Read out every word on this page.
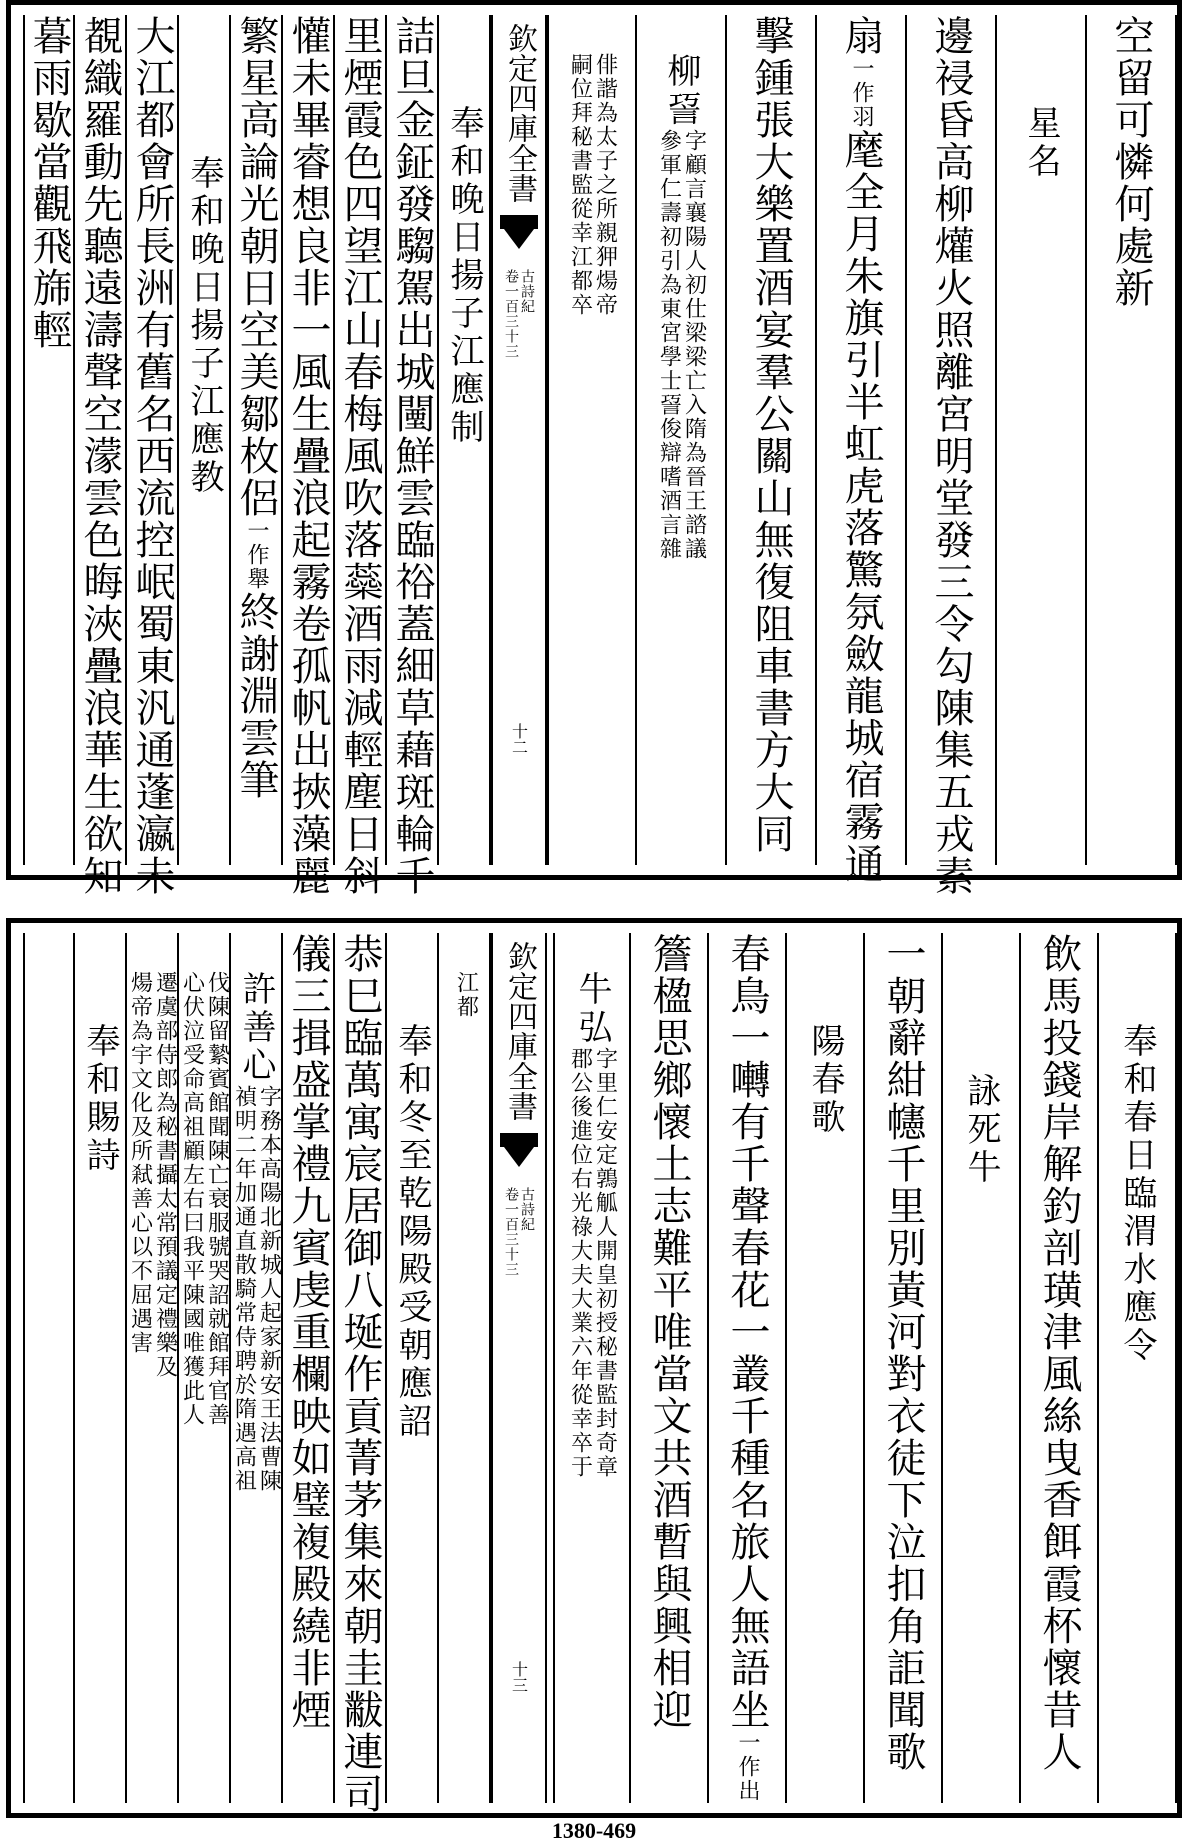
空留可憐何處新
星名
邊祲昏高柳爟火照離宮明堂發三令勾陳集五戎素
扇
一作羽
麾全月朱旗引半虹虎落驚氛斂龍城宿霧通
擊鍾張大樂置酒宴羣公關山無復阻車書方大同
柳䛒
字顧言襄陽人初仕梁梁亡入隋為晉王諮議
參軍仁壽初引為東宮學士䛒俊辯嗜酒言雜
俳諧為太子之所親狎煬帝
嗣位拜秘書監從幸江都卒
欽定四庫全書
古詩紀
卷一百三十三
十二
奉和晚日揚子江應制
詰旦金鉦發騶駕出城闉鮮雲臨𥙿蓋細草藉斑輪千
里煙霞色四望江山春梅風吹落蘂酒雨減輕塵日斜
懽未畢睿想良非一風生疊浪起霧卷孤帆出挾藻麗
繁星高論光朝日空美鄒枚侶
一作舉
終謝淵雲筆
奉和晚日揚子江應教
大江都會所長洲有舊名西流控岷蜀東汎通蓬瀛未
覩織羅動先聽遠濤聲空濛雲色晦浹疊浪華生欲知
暮雨歇當觀飛旆輕
奉和春日臨渭水應令
飲馬投錢岸解釣剖璜津風絲曳香餌霞杯懷昔人
詠死牛
一朝辭紺幰千里別黃河對衣徒下泣扣角詎聞歌
陽春歌
春鳥一囀有千聲春花一叢千種名旅人無語坐
一作出
簷楹思鄉懷土志難平唯當文共酒暫與興相迎
牛弘
字里仁安定鶉觚人開皇初授秘書監封奇章
郡公後進位右光祿大夫大業六年從幸卒于
欽定四庫全書
古詩紀
卷一百三十三
十三
江都
奉和冬至乾陽殿受朝應詔
恭巳臨萬寓宸居御八埏作貢菁茅集來朝圭黻連司
儀三揖盛掌禮九賓虔重欄映如璧複殿繞非煙
許善心
字務本高陽北新城人起家新安王法曹陳
禎明二年加通直散騎常侍聘於隋遇高祖
伐陳留縶賓館聞陳亡衰服號哭詔就館拜官善
心伏泣受命高祖顧左右曰我平陳國唯獲此人
遷虞部侍郎為秘書攝太常預議定禮樂及
煬帝為宇文化及所弒善心以不屈遇害
奉和賜詩
1380-469
